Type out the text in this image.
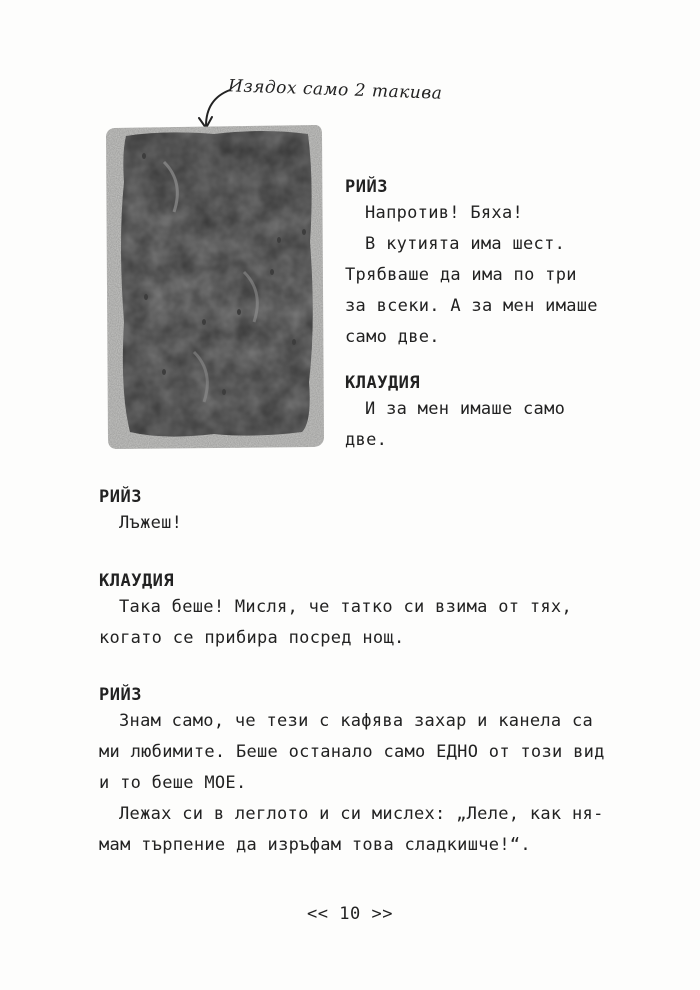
Изядох само 2 такива
РИЙЗ
Напротив! Бяха!
В кутията има шест.
Трябваше да има по три
за всеки. А за мен имаше
само две.
КЛАУДИЯ
И за мен имаше само
две.
РИЙЗ
Лъжеш!
КЛАУДИЯ
Така беше! Мисля, че татко си взима от тях,
когато се прибира посред нощ.
РИЙЗ
Знам само, че тези с кафява захар и канела са
ми любимите. Беше останало само ЕДНО от този вид
и то беше МОЕ.
Лежах си в леглото и си мислех: „Леле, как ня-
мам търпение да изръфам това сладкишче!“.
<< 10 >>
